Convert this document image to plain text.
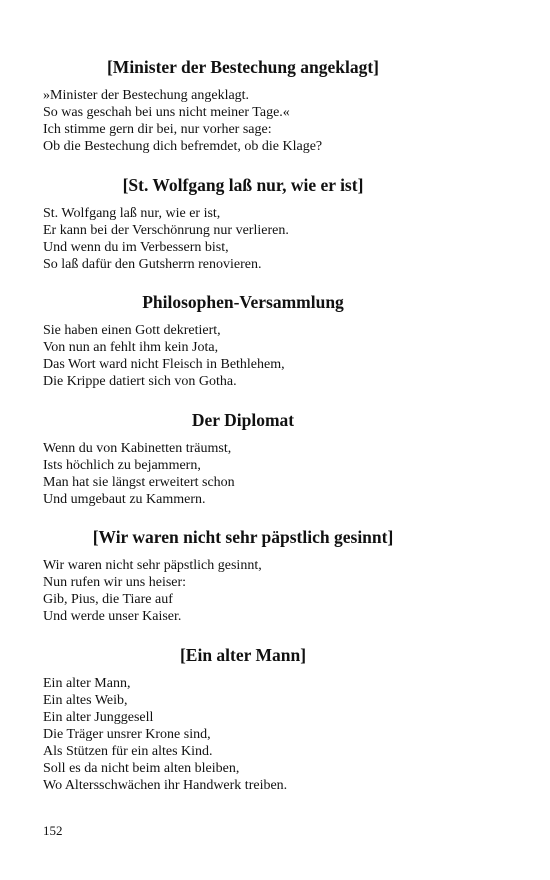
[Minister der Bestechung angeklagt]
»Minister der Bestechung angeklagt.
So was geschah bei uns nicht meiner Tage.«
Ich stimme gern dir bei, nur vorher sage:
Ob die Bestechung dich befremdet, ob die Klage?
[St. Wolfgang laß nur, wie er ist]
St. Wolfgang laß nur, wie er ist,
Er kann bei der Verschönrung nur verlieren.
Und wenn du im Verbessern bist,
So laß dafür den Gutsherrn renovieren.
Philosophen-Versammlung
Sie haben einen Gott dekretiert,
Von nun an fehlt ihm kein Jota,
Das Wort ward nicht Fleisch in Bethlehem,
Die Krippe datiert sich von Gotha.
Der Diplomat
Wenn du von Kabinetten träumst,
Ists höchlich zu bejammern,
Man hat sie längst erweitert schon
Und umgebaut zu Kammern.
[Wir waren nicht sehr päpstlich gesinnt]
Wir waren nicht sehr päpstlich gesinnt,
Nun rufen wir uns heiser:
Gib, Pius, die Tiare auf
Und werde unser Kaiser.
[Ein alter Mann]
Ein alter Mann,
Ein altes Weib,
Ein alter Junggesell
Die Träger unsrer Krone sind,
Als Stützen für ein altes Kind.
Soll es da nicht beim alten bleiben,
Wo Altersschwächen ihr Handwerk treiben.
152
